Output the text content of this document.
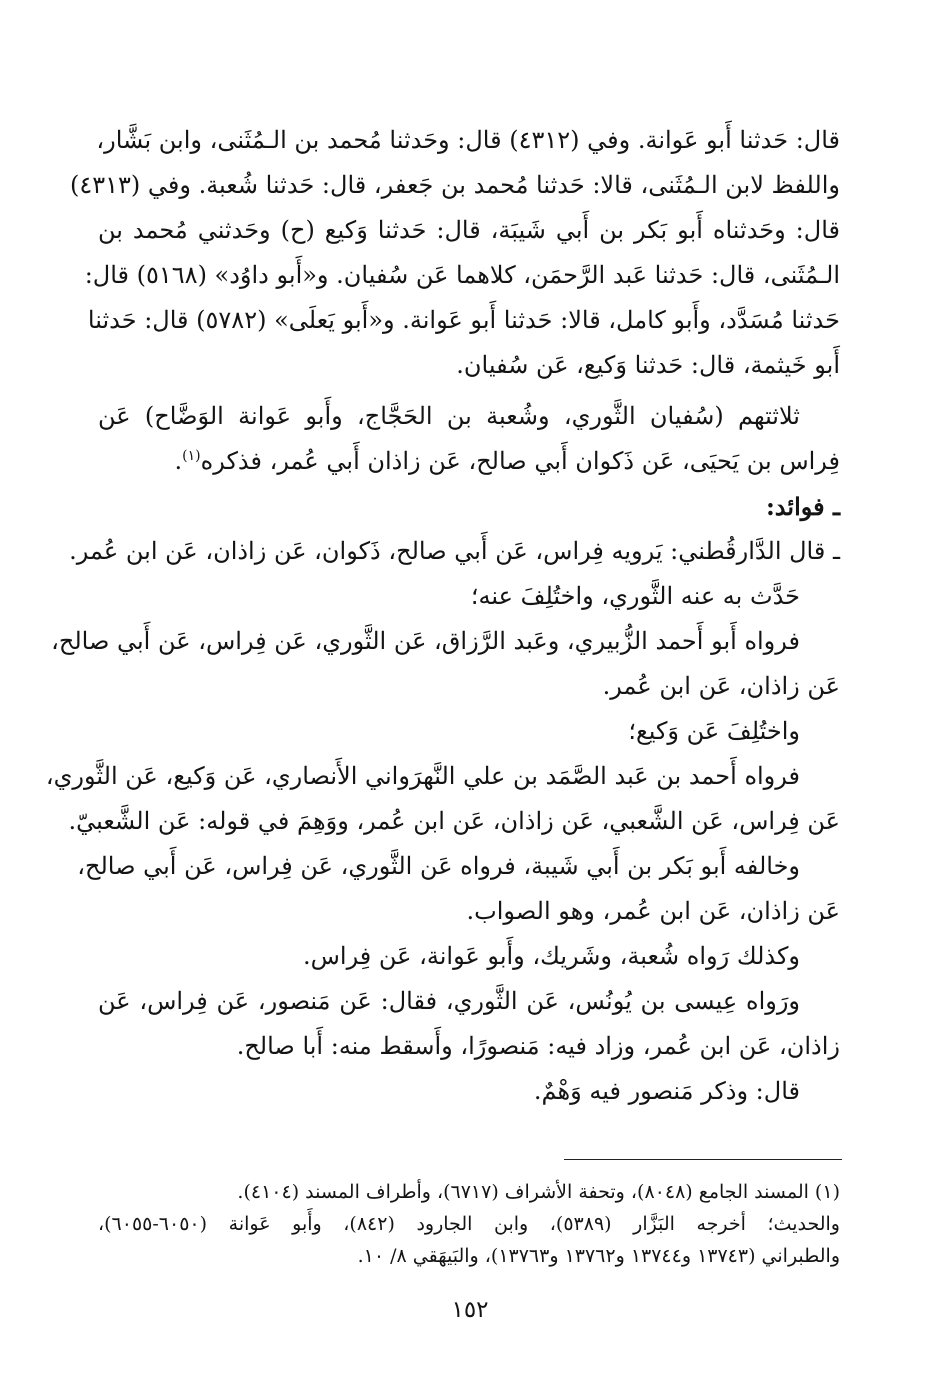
قال: حَدثنا أَبو عَوانة. وفي (٤٣١٢) قال: وحَدثنا مُحمد بن الـمُثَنى، وابن بَشَّار،
واللفظ لابن الـمُثَنى، قالا: حَدثنا مُحمد بن جَعفر، قال: حَدثنا شُعبة. وفي (٤٣١٣)
قال: وحَدثناه أَبو بَكر بن أَبي شَيبَة، قال: حَدثنا وَكيع (ح) وحَدثني مُحمد بن
الـمُثَنى، قال: حَدثنا عَبد الرَّحمَن، كلاهما عَن سُفيان. و«أَبو داوُد» (٥١٦٨) قال:
حَدثنا مُسَدَّد، وأَبو كامل، قالا: حَدثنا أَبو عَوانة. و«أَبو يَعلَى» (٥٧٨٢) قال: حَدثنا
أَبو خَيثمة، قال: حَدثنا وَكيع، عَن سُفيان.
ثلاثتهم (سُفيان الثَّوري، وشُعبة بن الحَجَّاج، وأَبو عَوانة الوَضَّاح) عَن
فِراس بن يَحيَى، عَن ذَكوان أَبي صالح، عَن زاذان أَبي عُمر، فذكره$^{(١)}$.
ـ فوائد:
ـ قال الدَّارقُطني: يَرويه فِراس، عَن أَبي صالح، ذَكوان، عَن زاذان، عَن ابن عُمر.
حَدَّث به عنه الثَّوري، واختُلِفَ عنه؛
فرواه أَبو أَحمد الزُّبيري، وعَبد الرَّزاق، عَن الثَّوري، عَن فِراس، عَن أَبي صالح،
عَن زاذان، عَن ابن عُمر.
واختُلِفَ عَن وَكيع؛
فرواه أَحمد بن عَبد الصَّمَد بن علي النَّهرَواني الأَنصاري، عَن وَكيع، عَن الثَّوري،
عَن فِراس، عَن الشَّعبي، عَن زاذان، عَن ابن عُمر، ووَهِمَ في قوله: عَن الشَّعبيّ.
وخالفه أَبو بَكر بن أَبي شَيبة، فرواه عَن الثَّوري، عَن فِراس، عَن أَبي صالح،
عَن زاذان، عَن ابن عُمر، وهو الصواب.
وكذلك رَواه شُعبة، وشَريك، وأَبو عَوانة، عَن فِراس.
ورَواه عِيسى بن يُونُس، عَن الثَّوري، فقال: عَن مَنصور، عَن فِراس، عَن
زاذان، عَن ابن عُمر، وزاد فيه: مَنصورًا، وأَسقط منه: أَبا صالح.
قال: وذكر مَنصور فيه وَهْمٌ.
(١) المسند الجامع (٨٠٤٨)، وتحفة الأشراف (٦٧١٧)، وأطراف المسند (٤١٠٤).
والحديث؛ أخرجه البَزَّار (٥٣٨٩)، وابن الجارود (٨٤٢)، وأَبو عَوانة (٦٠٥٠-٦٠٥٥)،
والطبراني (١٣٧٤٣ و١٣٧٤٤ و١٣٧٦٢ و١٣٧٦٣)، والبَيهَقي ٨/ ١٠.
١٥٢
